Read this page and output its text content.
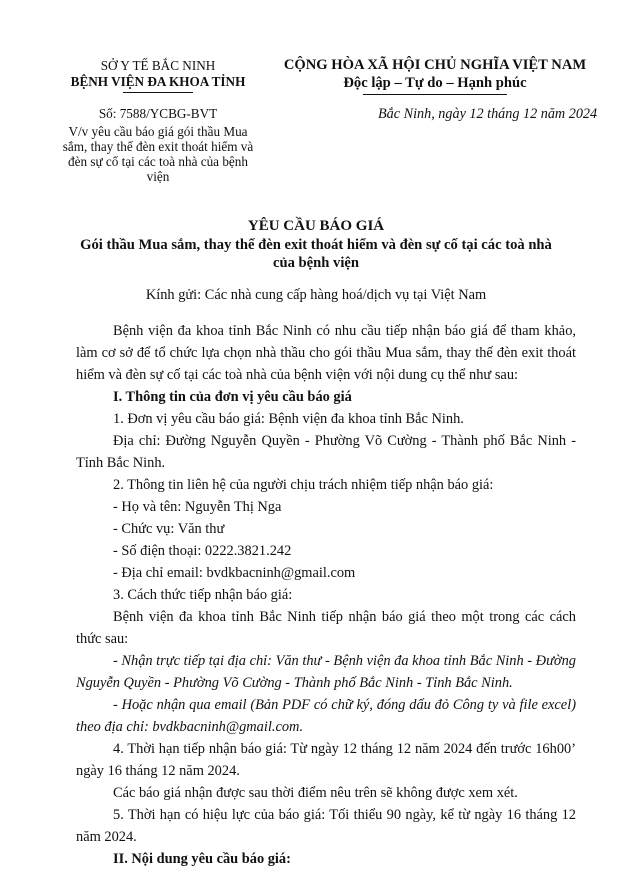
SỞ Y TẾ BẮC NINH
BỆNH VIỆN ĐA KHOA TỈNH
Số: 7588/YCBG-BVT
V/v yêu cầu báo giá gói thầu Mua
sắm, thay thế đèn exit thoát hiểm và
đèn sự cố tại các toà nhà của bệnh
viện
CỘNG HÒA XÃ HỘI CHỦ NGHĨA VIỆT NAM
Độc lập – Tự do – Hạnh phúc
Bắc Ninh, ngày 12 tháng 12 năm 2024
YÊU CẦU BÁO GIÁ
Gói thầu Mua sắm, thay thế đèn exit thoát hiểm và đèn sự cố tại các toà nhà
của bệnh viện
Kính gửi: Các nhà cung cấp hàng hoá/dịch vụ tại Việt Nam
Bệnh viện đa khoa tỉnh Bắc Ninh có nhu cầu tiếp nhận báo giá để tham khảo, làm cơ sở để tổ chức lựa chọn nhà thầu cho gói thầu Mua sắm, thay thế đèn exit thoát hiểm và đèn sự cố tại các toà nhà của bệnh viện với nội dung cụ thể như sau:
I. Thông tin của đơn vị yêu cầu báo giá
1. Đơn vị yêu cầu báo giá: Bệnh viện đa khoa tỉnh Bắc Ninh.
Địa chỉ: Đường Nguyễn Quyền - Phường Võ Cường - Thành phố Bắc Ninh - Tỉnh Bắc Ninh.
2. Thông tin liên hệ của người chịu trách nhiệm tiếp nhận báo giá:
- Họ và tên: Nguyễn Thị Nga
- Chức vụ: Văn thư
- Số điện thoại: 0222.3821.242
- Địa chỉ email: bvdkbacninh@gmail.com
3. Cách thức tiếp nhận báo giá:
Bệnh viện đa khoa tỉnh Bắc Ninh tiếp nhận báo giá theo một trong các cách thức sau:
- Nhận trực tiếp tại địa chỉ: Văn thư - Bệnh viện đa khoa tỉnh Bắc Ninh - Đường Nguyễn Quyền - Phường Võ Cường - Thành phố Bắc Ninh - Tỉnh Bắc Ninh.
- Hoặc nhận qua email (Bản PDF có chữ ký, đóng dấu đỏ Công ty và file excel) theo địa chỉ: bvdkbacninh@gmail.com.
4. Thời hạn tiếp nhận báo giá: Từ ngày 12 tháng 12 năm 2024 đến trước 16h00’ ngày 16 tháng 12 năm 2024.
Các báo giá nhận được sau thời điểm nêu trên sẽ không được xem xét.
5. Thời hạn có hiệu lực của báo giá: Tối thiểu 90 ngày, kể từ ngày 16 tháng 12 năm 2024.
II. Nội dung yêu cầu báo giá:
